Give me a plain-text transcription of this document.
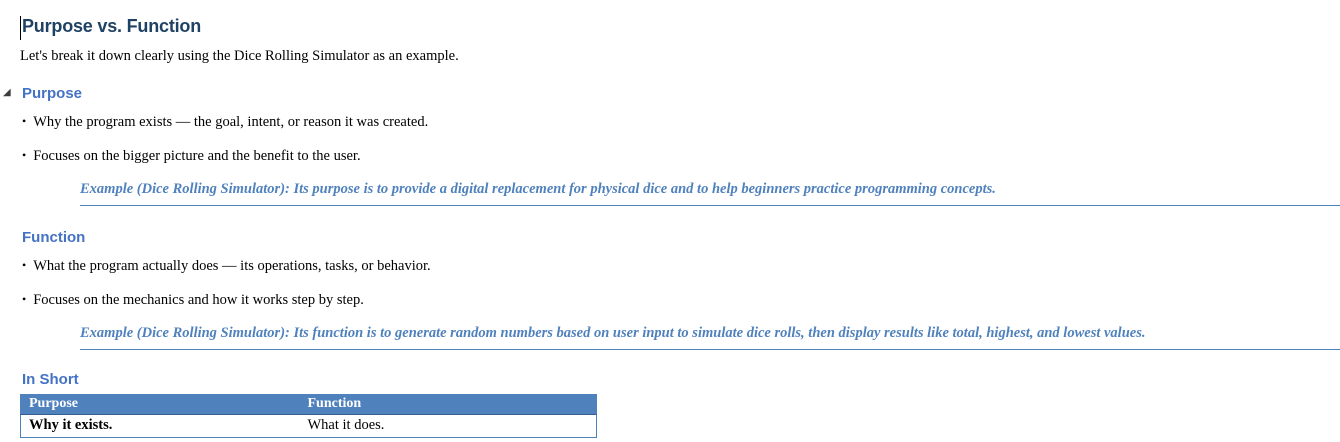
Purpose vs. Function

Let's break it down clearly using the Dice Rolling Simulator as an example.

◢ Purpose

• Why the program exists — the goal, intent, or reason it was created.

• Focuses on the bigger picture and the benefit to the user.

Example (Dice Rolling Simulator): Its purpose is to provide a digital replacement for physical dice and to help beginners practice programming concepts.
Function

• What the program actually does — its operations, tasks, or behavior.

• Focuses on the mechanics and how it works step by step.

Example (Dice Rolling Simulator): Its function is to generate random numbers based on user input to simulate dice rolls, then display results like total, highest, and lowest values.
In Short
Purpose	Function
Why it exists.	What it does.
